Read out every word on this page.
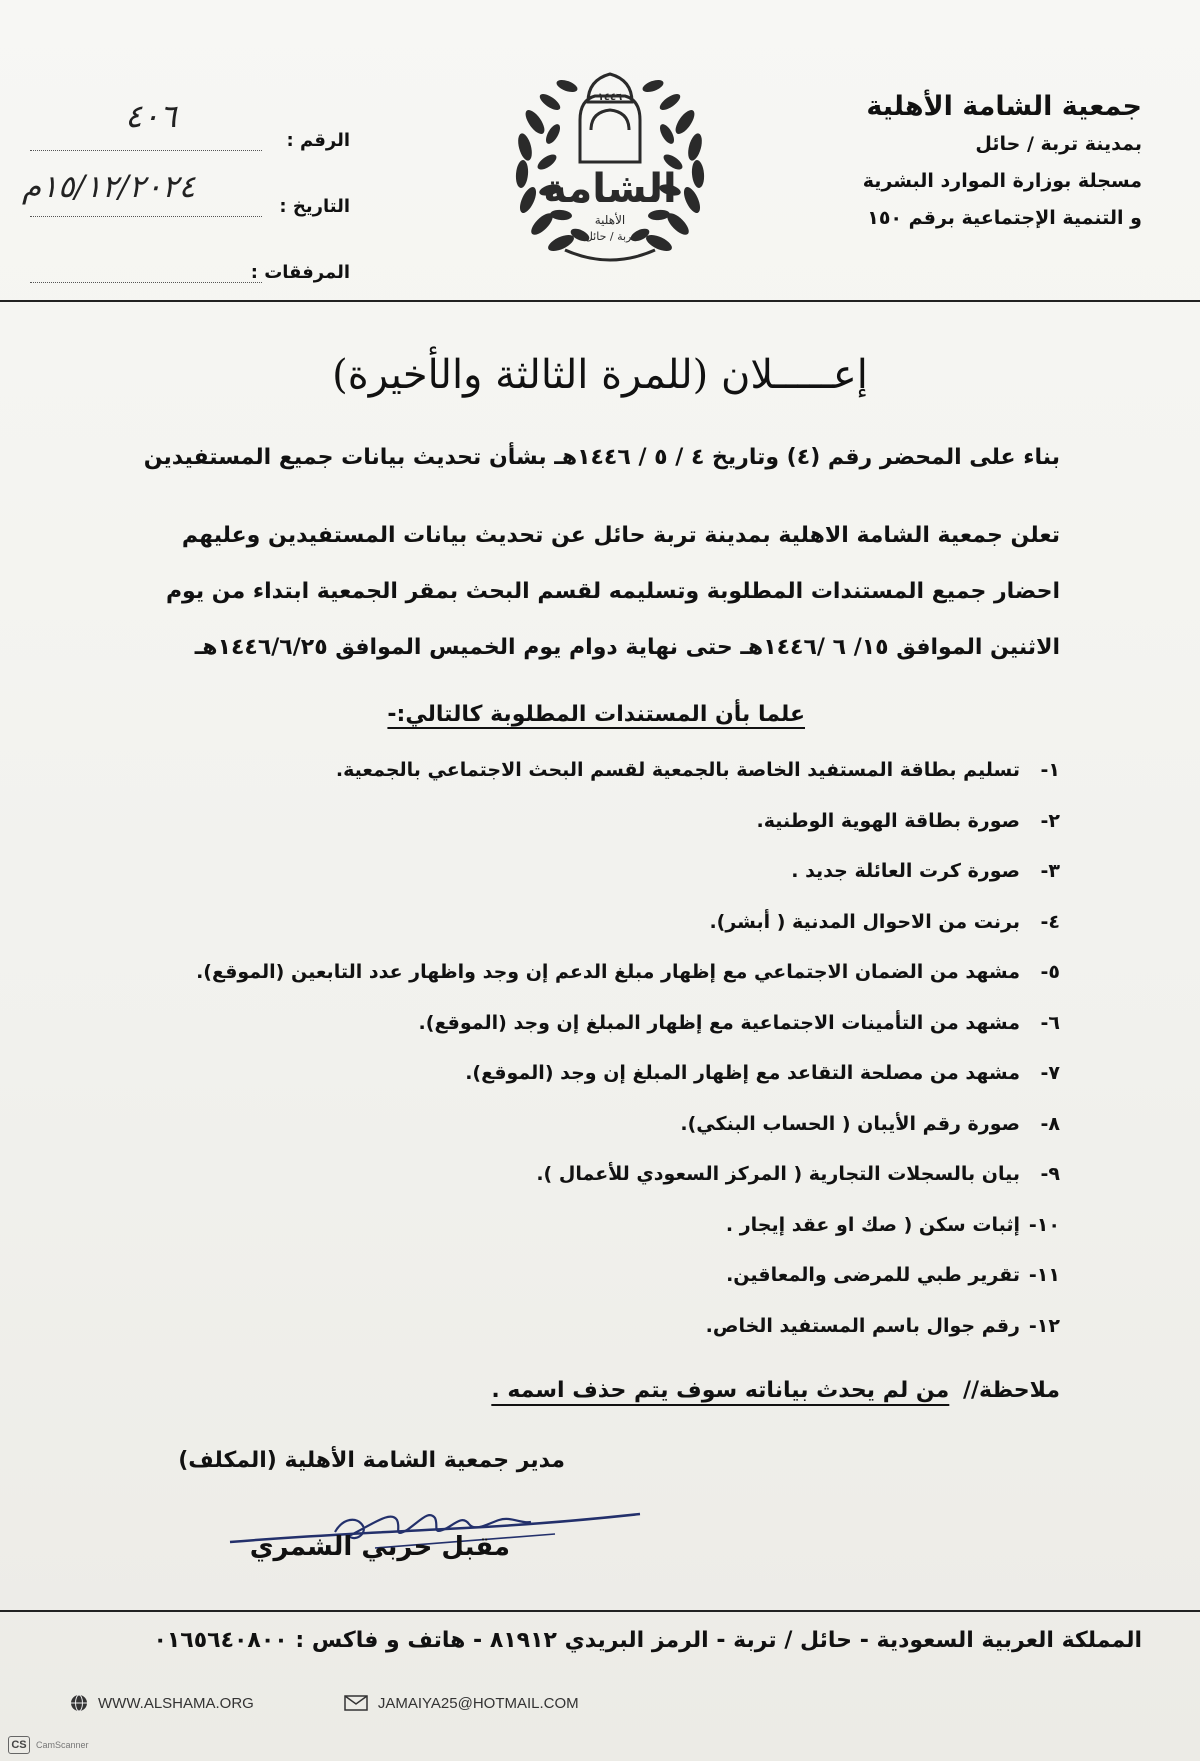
جمعية الشامة الأهلية
بمدينة تربة / حائل
مسجلة بوزارة الموارد البشرية
و التنمية الإجتماعية برقم ١٥٠
١٤٤٦
الشامة
الأهلية
تربة / حائل
الرقم :
٤٠٦
التاريخ :
١٥/١٢/٢٠٢٤م
المرفقات :
إعـــــلان (للمرة الثالثة والأخيرة)
بناء على المحضر رقم (٤) وتاريخ ٤ / ٥ / ١٤٤٦هـ بشأن تحديث بيانات جميع المستفيدين
تعلن جمعية الشامة الاهلية بمدينة تربة حائل عن تحديث بيانات المستفيدين وعليهم احضار جميع المستندات المطلوبة وتسليمه لقسم البحث بمقر الجمعية ابتداء من يوم الاثنين الموافق ١٥/ ٦ /١٤٤٦هـ حتى نهاية دوام يوم الخميس الموافق ١٤٤٦/٦/٢٥هـ
علما بأن المستندات المطلوبة كالتالي:-
١-
تسليم بطاقة المستفيد الخاصة بالجمعية لقسم البحث الاجتماعي بالجمعية.
٢-
صورة بطاقة الهوية الوطنية.
٣-
صورة كرت العائلة جديد .
٤-
برنت من الاحوال المدنية ( أبشر).
٥-
مشهد من الضمان الاجتماعي مع إظهار مبلغ الدعم إن وجد واظهار عدد التابعين (الموقع).
٦-
مشهد من التأمينات الاجتماعية مع إظهار المبلغ إن وجد (الموقع).
٧-
مشهد من مصلحة التقاعد مع إظهار المبلغ إن وجد (الموقع).
٨-
صورة رقم الأيبان ( الحساب البنكي).
٩-
بيان بالسجلات التجارية ( المركز السعودي للأعمال ).
١٠-
إثبات سكن ( صك او عقد إيجار .
١١-
تقرير طبي للمرضى والمعاقين.
١٢-
رقم جوال باسم المستفيد الخاص.
ملاحظة// من لم يحدث بياناته سوف يتم حذف اسمه .
مدير جمعية الشامة الأهلية (المكلف)
مقبل حربي الشمري
المملكة العربية السعودية - حائل / تربة - الرمز البريدي ٨١٩١٢ - هاتف و فاكس : ٠١٦٥٦٤٠٨٠٠
WWW.ALSHAMA.ORG	JAMAIYA25@HOTMAIL.COM
CS	CamScanner
